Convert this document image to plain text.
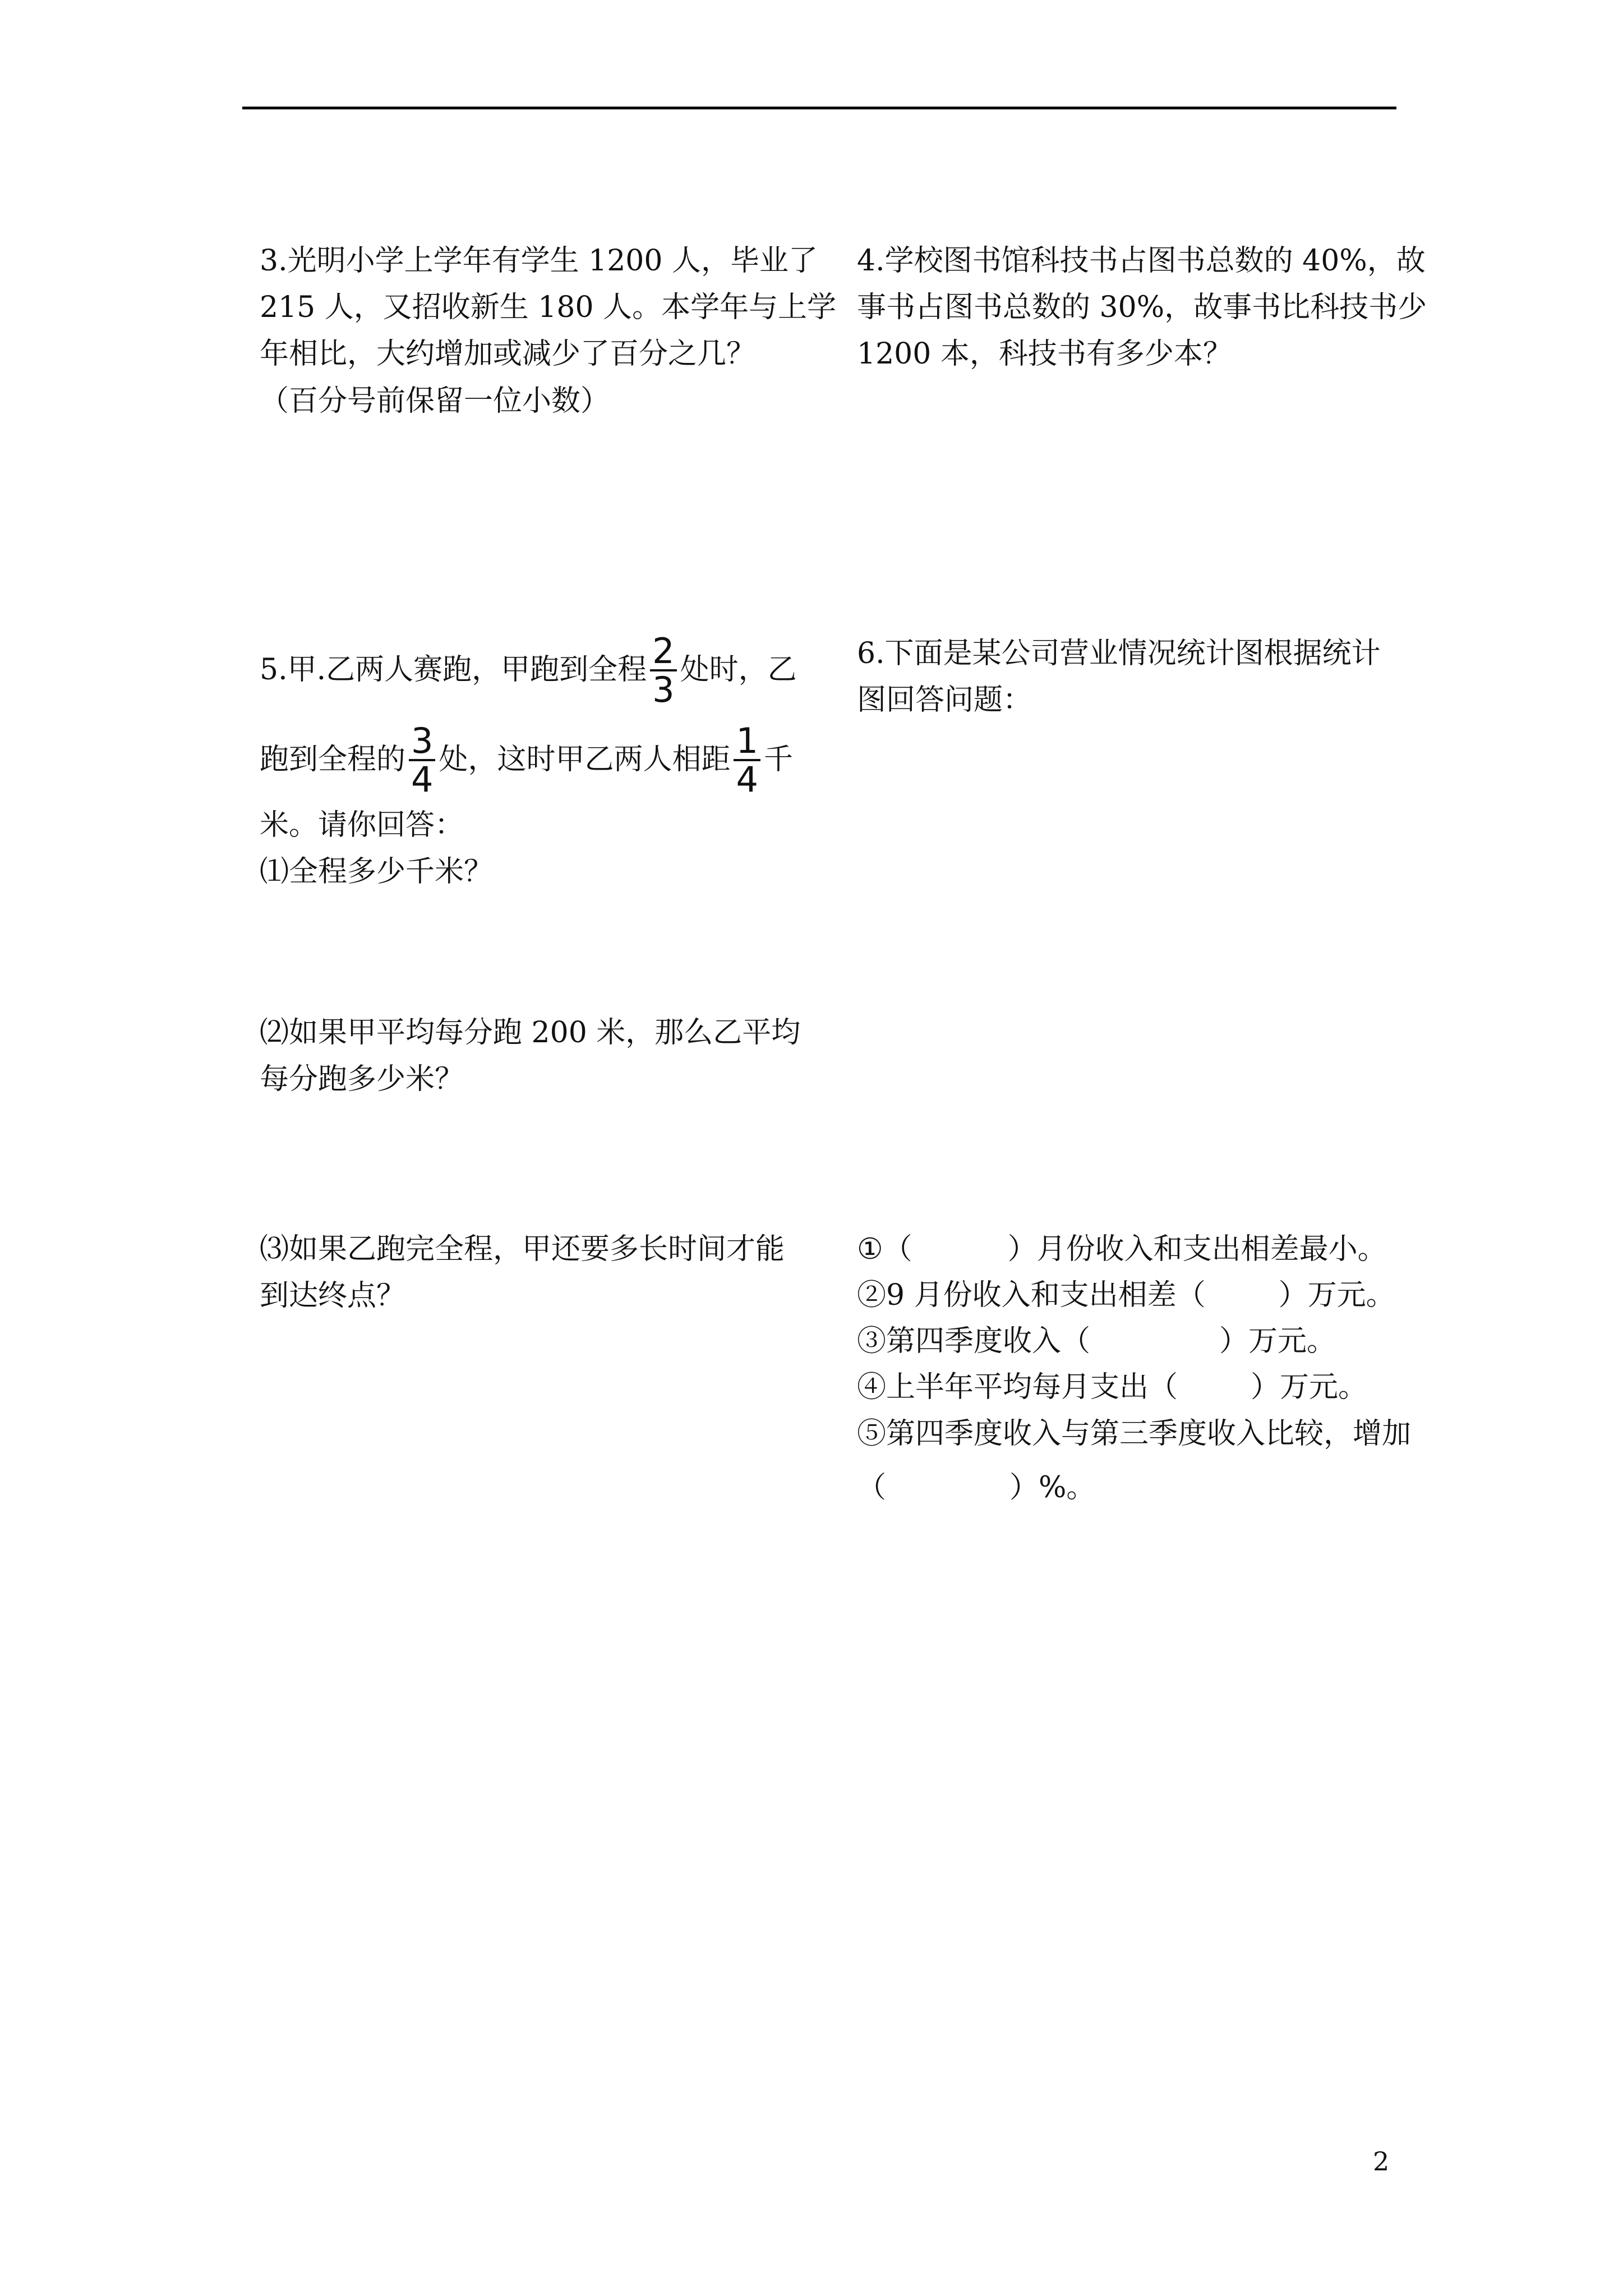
3.光明小学上学年有学生 1200 人，毕业了
215 人，又招收新生 180 人。本学年与上学
年相比，大约增加或减少了百分之几？
（百分号前保留一位小数）
4.学校图书馆科技书占图书总数的 40%，故
事书占图书总数的 30%，故事书比科技书少
1200 本，科技书有多少本？
5.甲.乙两人赛跑，甲跑到全程 $\frac{2}{3}$ 处时，乙
跑到全程的 $\frac{3}{4}$ 处，这时甲乙两人相距 $\frac{1}{4}$ 千
米。请你回答：
⑴全程多少千米？
⑵如果甲平均每分跑 200 米，那么乙平均
每分跑多少米？
⑶如果乙跑完全程，甲还要多长时间才能
到达终点？
6.下面是某公司营业情况统计图根据统计
图回答问题：
①（	）月份收入和支出相差最小。
②9 月份收入和支出相差（	）万元。
③第四季度收入（	）万元。
④上半年平均每月支出（	）万元。
⑤第四季度收入与第三季度收入比较，增加
（	）%。
2
